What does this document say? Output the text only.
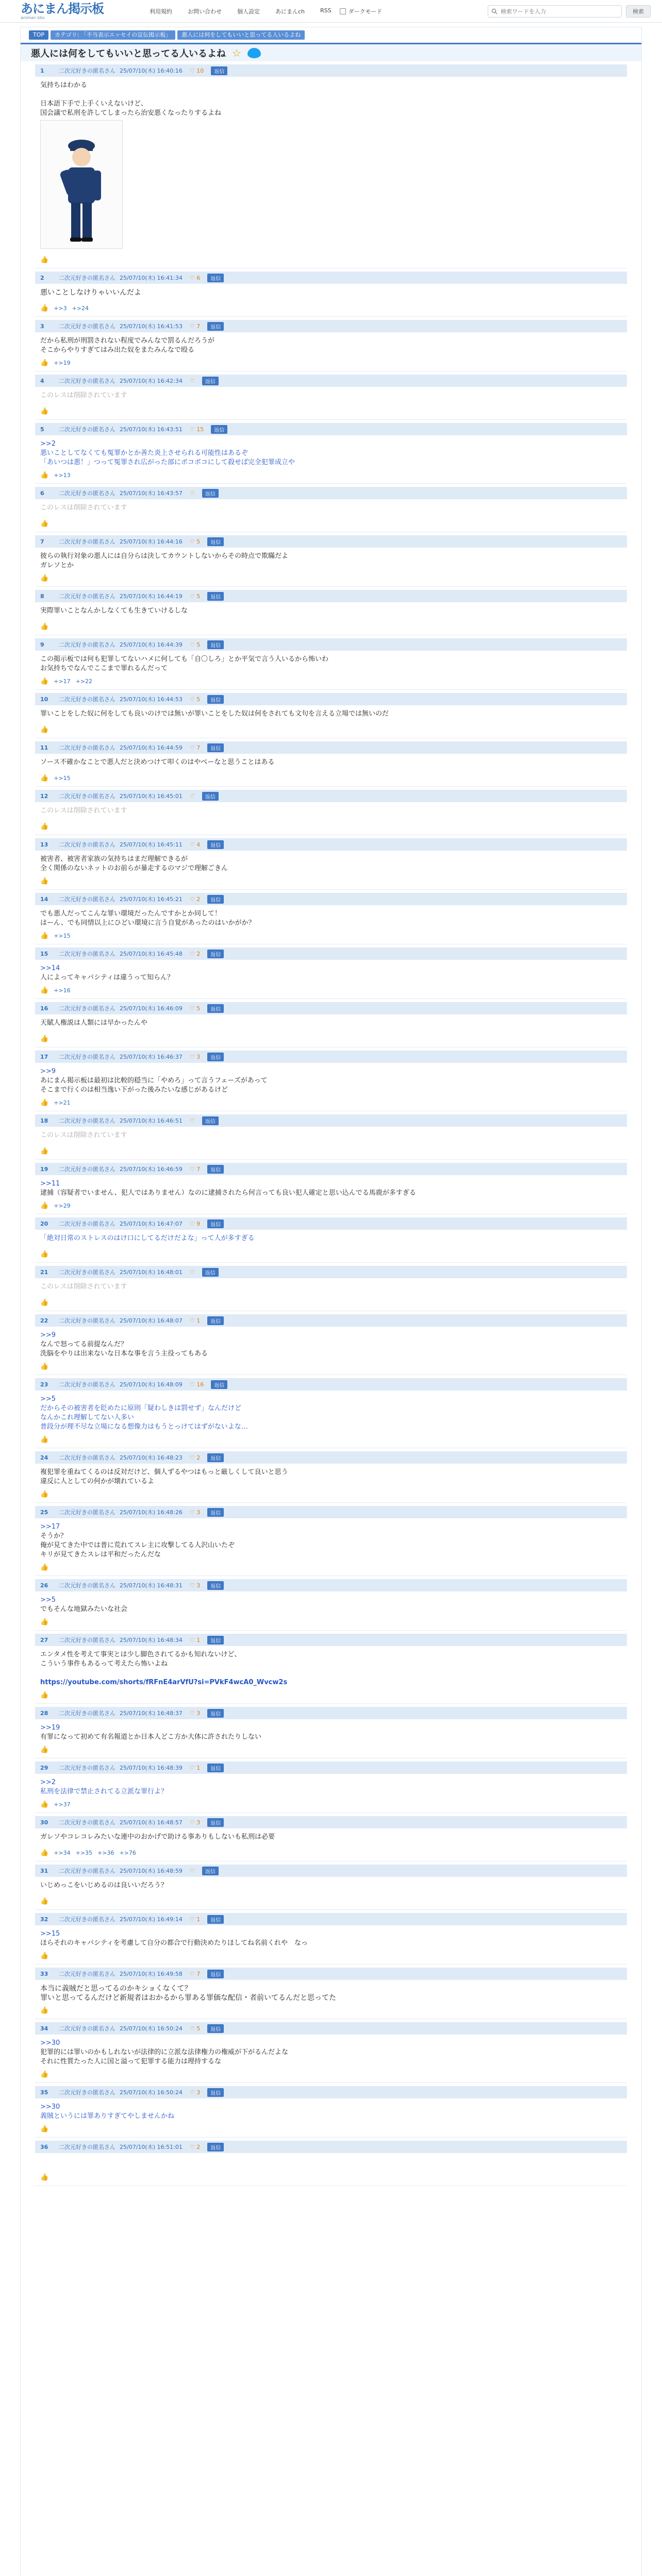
あにまん掲示板
animan bbs
利用規約	お問い合わせ	個人設定	あにまんch	RSS	ダークモード
検索ワードを入力	検索
TOP	カテゴリ: 「不当表示エッセイの宣伝掲示板」	悪人には何をしてもいいと思ってる人いるよね
悪人には何をしてもいいと思ってる人いるよね ☆
1	二次元好きの匿名さん 25/07/10(木) 16:40:16 ♡ 10	返信
気持ちはわかる

日本語下手で上手くいえないけど、
国会議で私刑を許してしまったら治安悪くなったりするよね
👍
2	二次元好きの匿名さん 25/07/10(木) 16:41:34 ♡ 6	返信
悪いことしなけりゃいいんだよ
👍 +>3 +>24
3	二次元好きの匿名さん 25/07/10(木) 16:41:53 ♡ 7	返信
だから私刑が刑罰されない程度でみんなで罰るんだろうが
そこからやりすぎてはみ出た奴をまたみんなで殴る
👍 +>19
4	二次元好きの匿名さん 25/07/10(木) 16:42:34 ♡	返信
このレスは削除されています
👍
5	二次元好きの匿名さん 25/07/10(木) 16:43:51 ♡ 15	返信
>>2
悪いことしてなくても冤罪かとか善た炎上させられる可能性はあるぞ
「あいつは悪！」つって冤罪され広がった部にボコボコにして殺せば完全犯罪成立や
👍 +>13
6	二次元好きの匿名さん 25/07/10(木) 16:43:57 ♡	返信
このレスは削除されています
👍
7	二次元好きの匿名さん 25/07/10(木) 16:44:16 ♡ 5	返信
彼らの執行対象の悪人には自分らは決してカウントしないからその時点で欺瞞だよ
ガレソとか
👍
8	二次元好きの匿名さん 25/07/10(木) 16:44:19 ♡ 5	返信
実際罪いことなんかしなくても生きていけるしな
👍
9	二次元好きの匿名さん 25/07/10(木) 16:44:39 ♡ 5	返信
この掲示板では何も犯罪してないハメに何しても「自〇しろ」とか平気で言う人いるから怖いわ
お気持ちでなんでここまで罪れるんだって
👍 +>17 +>22
10	二次元好きの匿名さん 25/07/10(木) 16:44:53 ♡ 5	返信
罪いことをした奴に何をしても良いのけでは無いが罪いことをした奴は何をされても文句を言える立場では無いのだ
👍
11	二次元好きの匿名さん 25/07/10(木) 16:44:59 ♡ 7	返信
ソース不確かなことで悪人だと決めつけて叩くのはやべーなと思うことはある
👍 +>15
12	二次元好きの匿名さん 25/07/10(木) 16:45:01 ♡	返信
このレスは削除されています
👍
13	二次元好きの匿名さん 25/07/10(木) 16:45:11 ♡ 4	返信
被害者、被害者家族の気持ちはまだ理解できるが
全く関係のないネットのお前らが暴走するのマジで理解ごきん
👍
14	二次元好きの匿名さん 25/07/10(木) 16:45:21 ♡ 2	返信
でも悪人だってこんな罪い環境だったんですかとか同して！
はーん、でも同情以上にひどい環境に言う自覚があったのはいかがか？
👍 +>15
15	二次元好きの匿名さん 25/07/10(木) 16:45:48 ♡ 2	返信
>>14
人によってキャパシティは違うって知らん？
👍 +>16
16	二次元好きの匿名さん 25/07/10(木) 16:46:09 ♡ 5	返信
天賦人権説は人類には早かったんや
👍
17	二次元好きの匿名さん 25/07/10(木) 16:46:37 ♡ 3	返信
>>9
あにまん掲示板は最初は比較的穏当に「やめろ」って言うフェーズがあって
そこまで行くのは相当逸い下がった後みたいな感じがあるけど
👍 +>21
18	二次元好きの匿名さん 25/07/10(木) 16:46:51 ♡	返信
このレスは削除されています
👍
19	二次元好きの匿名さん 25/07/10(木) 16:46:59 ♡ 7	返信
>>11
逮捕（容疑者でいません、犯人ではありません）なのに逮捕されたら何言っても良い犯人確定と思い込んでる馬鹿が多すぎる
👍 +>29
20	二次元好きの匿名さん 25/07/10(木) 16:47:07 ♡ 9	返信
「絶対日常のストレスのはけ口にしてるだけだよな」って人が多すぎる
👍
21	二次元好きの匿名さん 25/07/10(木) 16:48:01 ♡	返信
このレスは削除されています
👍
22	二次元好きの匿名さん 25/07/10(木) 16:48:07 ♡ 1	返信
>>9
なんで怒ってる前提なんだ？
洗脳をやりは出来ないな日本な事を言う主役ってもある
👍
23	二次元好きの匿名さん 25/07/10(木) 16:48:09 ♡ 16	返信
>>5
だからその被害者を貶めたに原則「疑わしきは罰せず」なんだけど
なんかこれ理解してない人多い
普段分が理不尽な立場になる想像力はもうとっけてはずがないよな…
👍
24	二次元好きの匿名さん 25/07/10(木) 16:48:23 ♡ 2	返信
複犯罪を重ねてくるのは反対だけど、個人ずるやつはもっと厳しくして良いと思う
違反に人としての何かが壊れているよ
👍
25	二次元好きの匿名さん 25/07/10(木) 16:48:26 ♡ 3	返信
>>17
そうか？
俺が見てきた中では普に荒れてスレ主に攻撃してる人沢山いたぞ
キリが見てきたスレは平和だったんだな
👍
26	二次元好きの匿名さん 25/07/10(木) 16:48:31 ♡ 3	返信
>>5
でもそんな地獄みたいな社会
👍
27	二次元好きの匿名さん 25/07/10(木) 16:48:34 ♡ 1	返信
エンタメ性を考えて事実とは少し脚色されてるかも知れないけど、
こういう事件もあるって考えたら怖いよね

https://youtube.com/shorts/fRFnE4arVfU?si=PVkF4wcA0_Wvcw2s
👍
28	二次元好きの匿名さん 25/07/10(木) 16:48:37 ♡ 3	返信
>>19
有罪になって初めて有名報道とか日本人どこ方か大体に許されたりしない
👍
29	二次元好きの匿名さん 25/07/10(木) 16:48:39 ♡ 1	返信
>>2
私刑を法律で禁止されてる立派な罪行よ？
👍 +>37
30	二次元好きの匿名さん 25/07/10(木) 16:48:57 ♡ 3	返信
ガレソやコレコレみたいな連中のおかげで助ける事ありもしないも私刑は必要
👍 +>34 +>35 +>36 +>76
31	二次元好きの匿名さん 25/07/10(木) 16:48:59 ♡	返信
いじめっこをいじめるのは良いいだろう？
👍
32	二次元好きの匿名さん 25/07/10(木) 16:49:14 ♡ 1	返信
>>15
ほらそれのキャパシティを考慮して自分の都合で行動決めたりほしてね名前くれや　なっ
👍
33	二次元好きの匿名さん 25/07/10(木) 16:49:58 ♡ 7	返信
本当に義賊だと思ってるのかキショくなくて？
罪いと思ってるんだけど新規者はおかるから罪ある罪価な配信・者前いてるんだと思ってた
👍
34	二次元好きの匿名さん 25/07/10(木) 16:50:24 ♡ 5	返信
>>30
犯罪的には罪いのかもしれないが法律的に立派な法律権力の権威が下がるんだよな
それに性質たった人に国と溢って犯罪する能力は理持するな
👍
35	二次元好きの匿名さん 25/07/10(木) 16:50:24 ♡ 3	返信
>>30
義賊というには罪ありすぎてやしませんかね
👍
36	二次元好きの匿名さん 25/07/10(木) 16:51:01 ♡ 2	返信

👍
